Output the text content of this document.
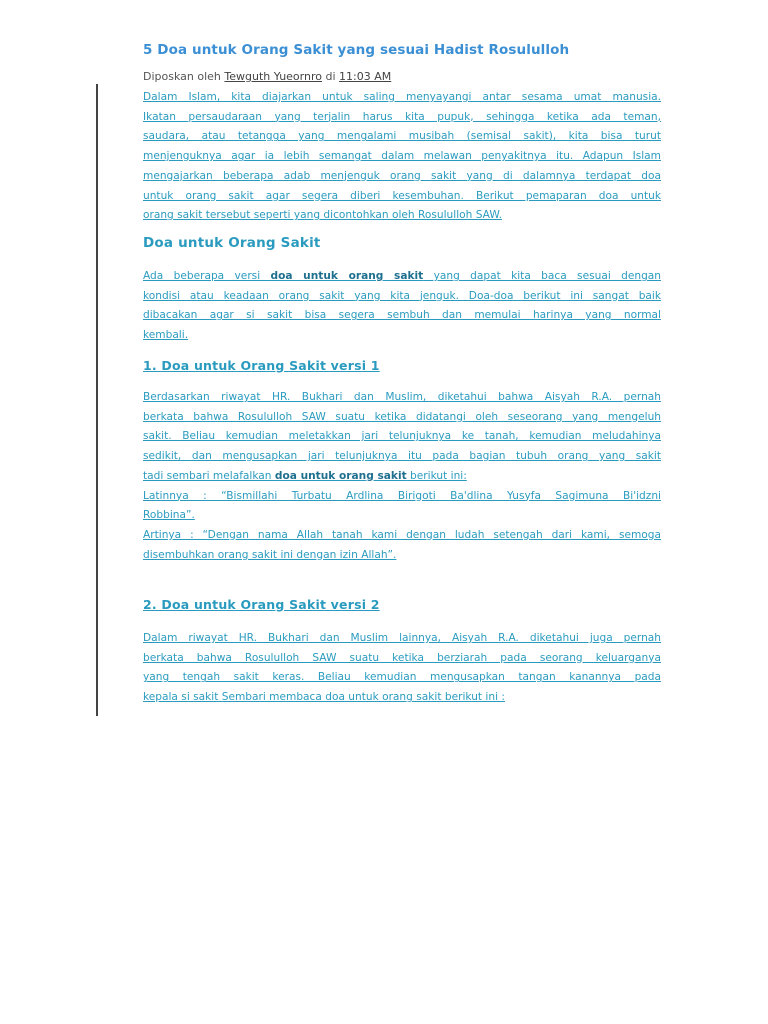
5 Doa untuk Orang Sakit yang sesuai Hadist Rosululloh
Diposkan oleh Tewguth Yueornro di 11:03 AM
Dalam Islam, kita diajarkan untuk saling menyayangi antar sesama umat manusia.
Ikatan persaudaraan yang terjalin harus kita pupuk, sehingga ketika ada teman,
saudara, atau tetangga yang mengalami musibah (semisal sakit), kita bisa turut
menjenguknya agar ia lebih semangat dalam melawan penyakitnya itu. Adapun Islam
mengajarkan beberapa adab menjenguk orang sakit yang di dalamnya terdapat doa
untuk orang sakit agar segera diberi kesembuhan. Berikut pemaparan doa untuk
orang sakit tersebut seperti yang dicontohkan oleh Rosululloh SAW.
Doa untuk Orang Sakit
Ada beberapa versi doa untuk orang sakit yang dapat kita baca sesuai dengan
kondisi atau keadaan orang sakit yang kita jenguk. Doa-doa berikut ini sangat baik
dibacakan agar si sakit bisa segera sembuh dan memulai harinya yang normal
kembali.
1. Doa untuk Orang Sakit versi 1
Berdasarkan riwayat HR. Bukhari dan Muslim, diketahui bahwa Aisyah R.A. pernah
berkata bahwa Rosululloh SAW suatu ketika didatangi oleh seseorang yang mengeluh
sakit. Beliau kemudian meletakkan jari telunjuknya ke tanah, kemudian meludahinya
sedikit, dan mengusapkan jari telunjuknya itu pada bagian tubuh orang yang sakit
tadi sembari melafalkan doa untuk orang sakit berikut ini:
Latinnya : “Bismillahi Turbatu Ardlina Birigoti Ba'dlina Yusyfa Sagimuna Bi'idzni
Robbina”.
Artinya : “Dengan nama Allah tanah kami dengan ludah setengah dari kami, semoga
disembuhkan orang sakit ini dengan izin Allah”.
2. Doa untuk Orang Sakit versi 2
Dalam riwayat HR. Bukhari dan Muslim lainnya, Aisyah R.A. diketahui juga pernah
berkata bahwa Rosululloh SAW suatu ketika berziarah pada seorang keluarganya
yang tengah sakit keras. Beliau kemudian mengusapkan tangan kanannya pada
kepala si sakit Sembari membaca doa untuk orang sakit berikut ini :
